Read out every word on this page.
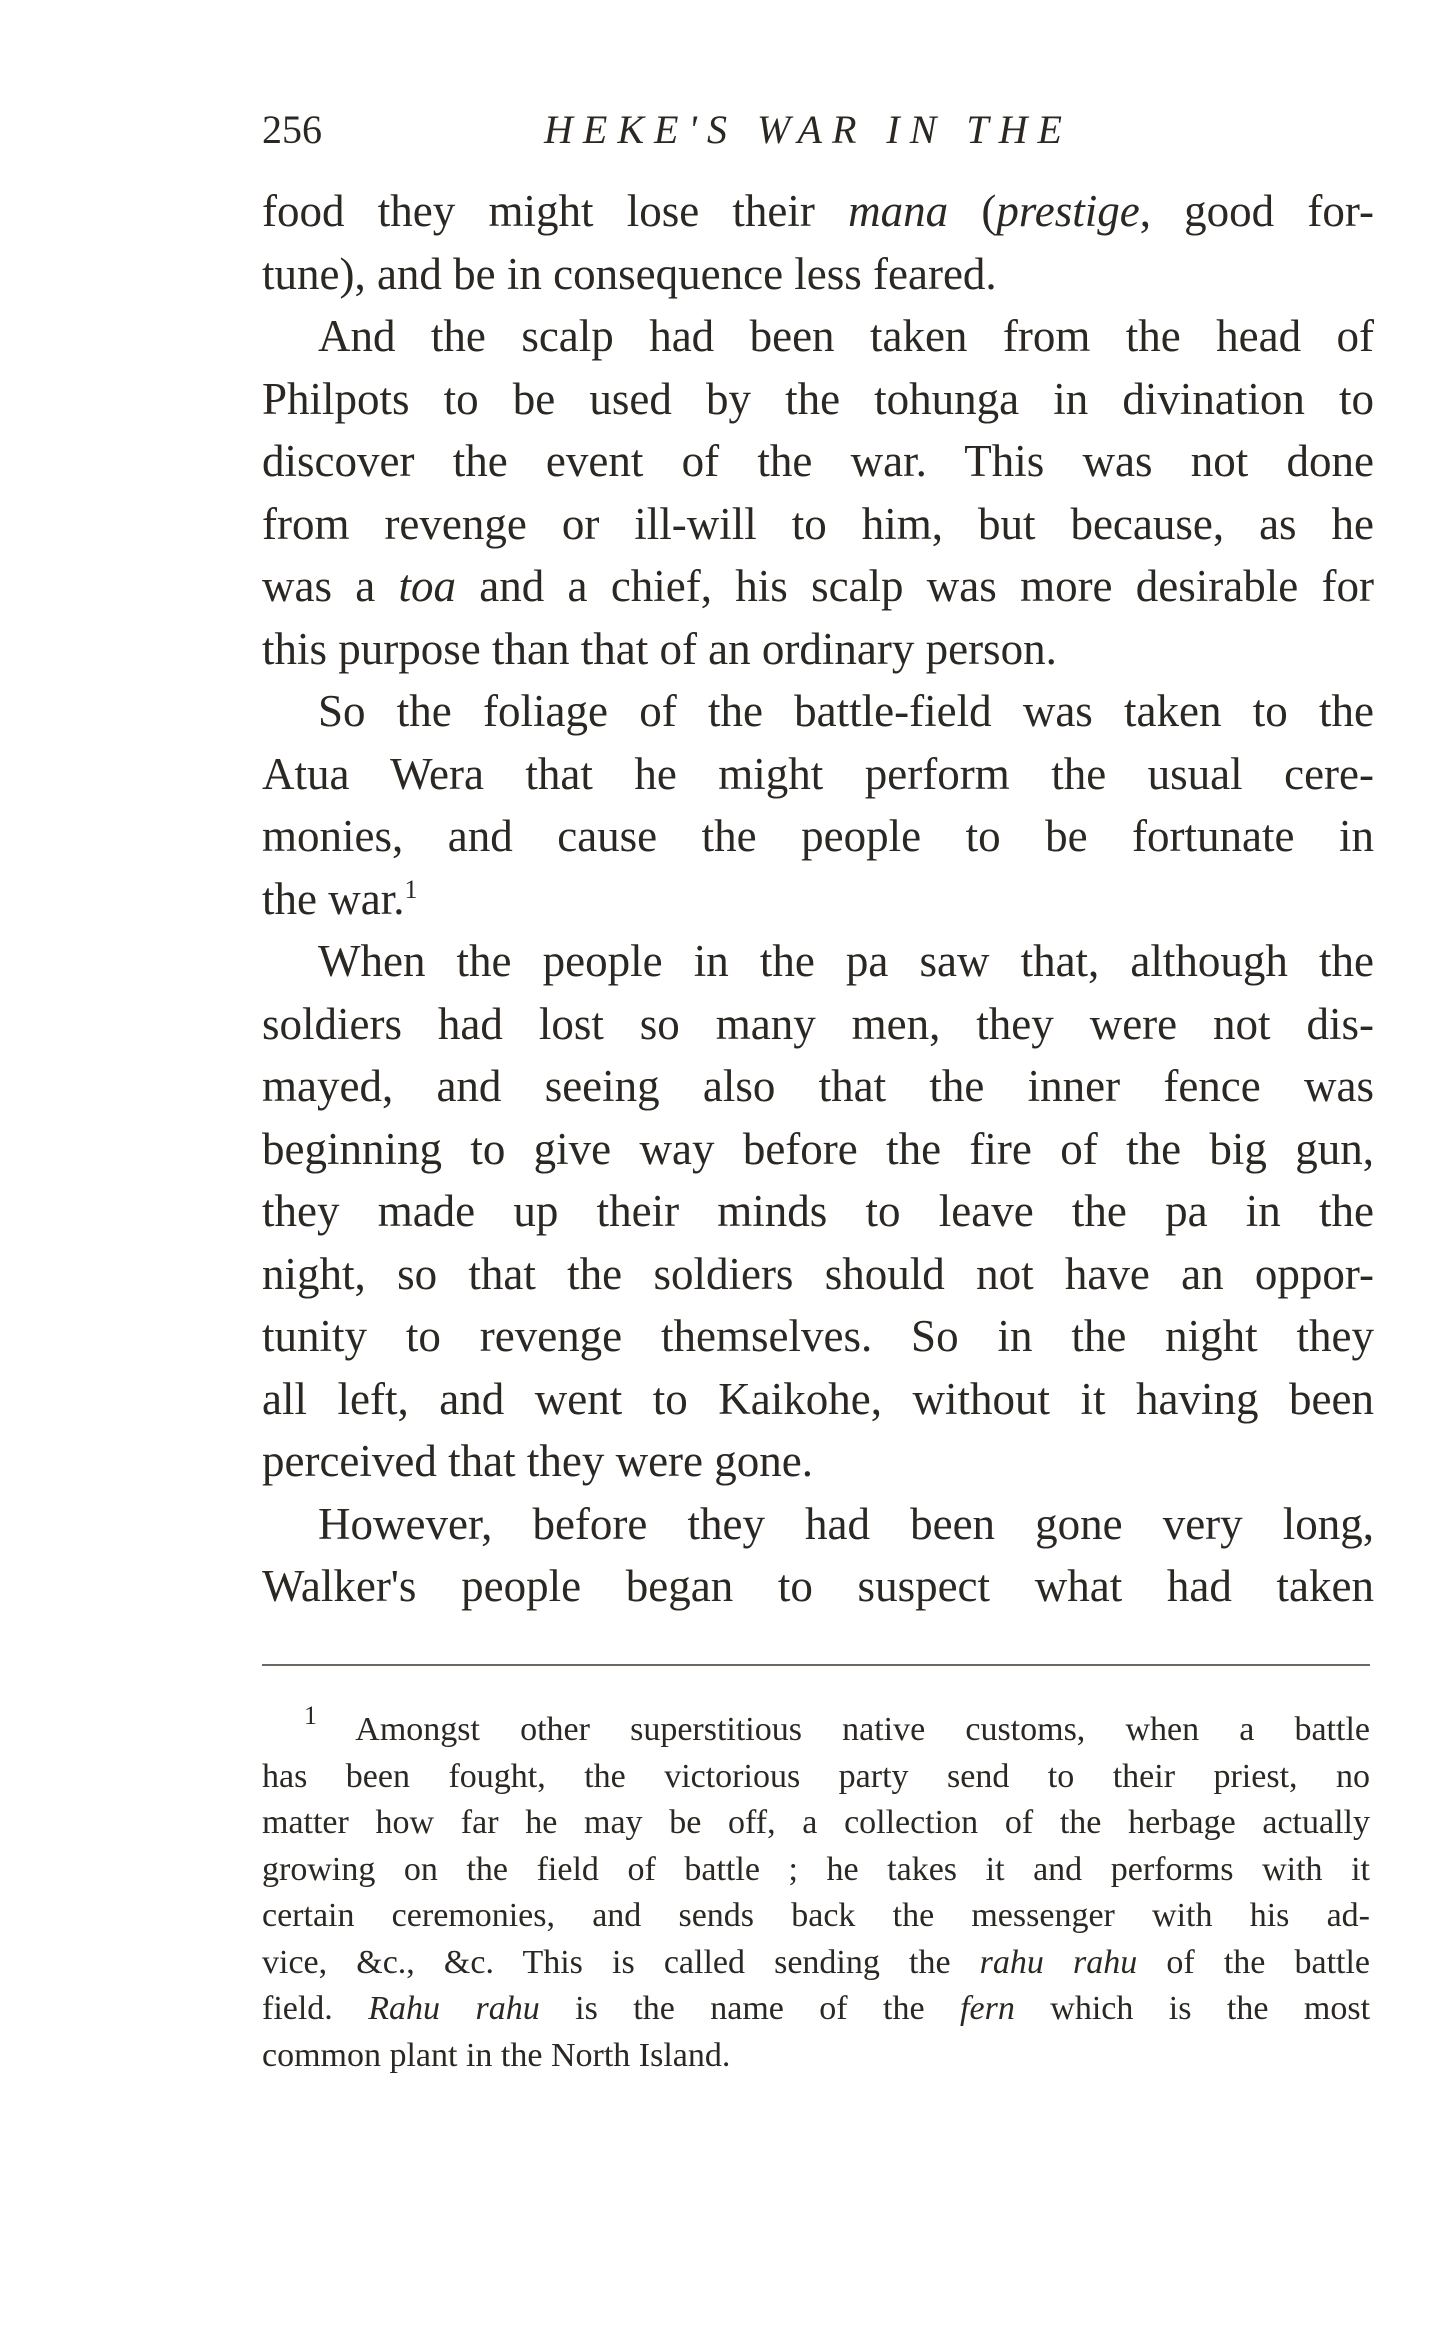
256	HEKE'S WAR IN THE
food they might lose their mana (prestige, good for-
tune), and be in consequence less feared.
And the scalp had been taken from the head of
Philpots to be used by the tohunga in divination to
discover the event of the war. This was not done
from revenge or ill-will to him, but because, as he
was a toa and a chief, his scalp was more desirable for
this purpose than that of an ordinary person.
So the foliage of the battle-field was taken to the
Atua Wera that he might perform the usual cere-
monies, and cause the people to be fortunate in
the war.$^1$
When the people in the pa saw that, although the
soldiers had lost so many men, they were not dis-
mayed, and seeing also that the inner fence was
beginning to give way before the fire of the big gun,
they made up their minds to leave the pa in the
night, so that the soldiers should not have an oppor-
tunity to revenge themselves. So in the night they
all left, and went to Kaikohe, without it having been
perceived that they were gone.
However, before they had been gone very long,
Walker's people began to suspect what had taken
$^1$ Amongst other superstitious native customs, when a battle
has been fought, the victorious party send to their priest, no
matter how far he may be off, a collection of the herbage actually
growing on the field of battle ; he takes it and performs with it
certain ceremonies, and sends back the messenger with his ad-
vice, &c., &c. This is called sending the rahu rahu of the battle
field. Rahu rahu is the name of the fern which is the most
common plant in the North Island.
